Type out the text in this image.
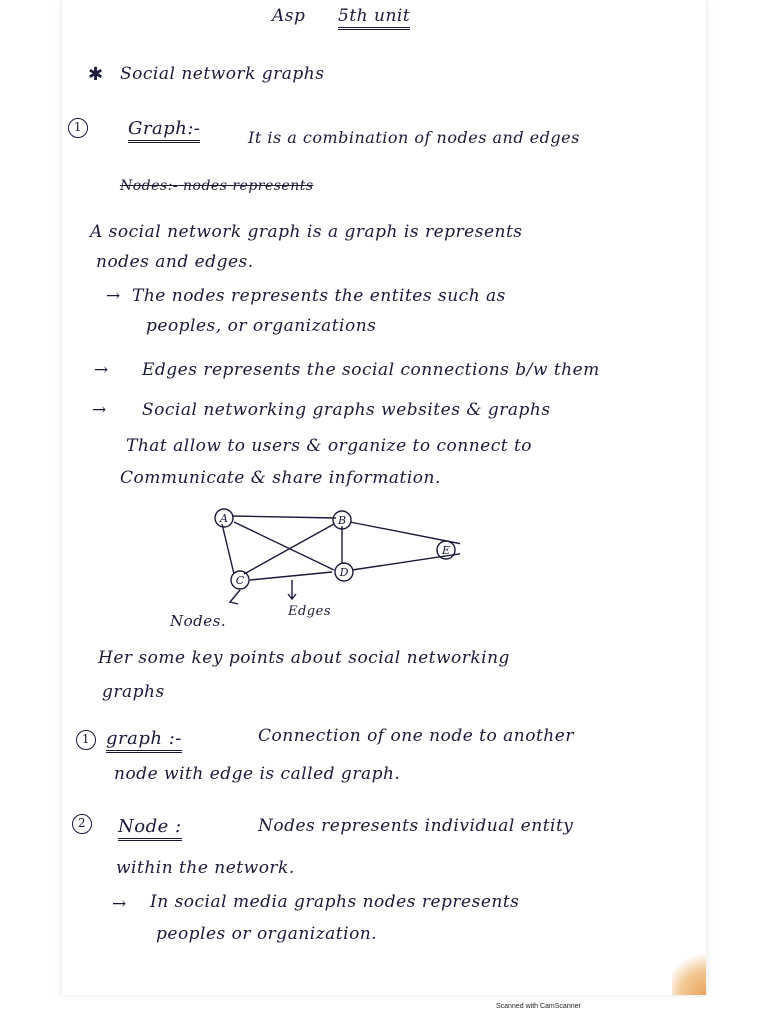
Asp 5th unit
✱ Social network graphs
1	Graph:-	It is a combination of nodes and edges
Nodes:- nodes represents
A social network graph is a graph is represents
nodes and edges.
→ The nodes represents the entites such as
peoples, or organizations
→ Edges represents the social connections b/w them
→ Social networking graphs websites & graphs
That allow to users & organize to connect to
Communicate & share information.
A	B
C
D
E
Nodes.
Edges
Her some key points about social networking
graphs
1 graph :-	Connection of one node to another
node with edge is called graph.
2	Node :	Nodes represents individual entity
within the network.
→ In social media graphs nodes represents
peoples or organization.
Scanned with CamScanner
